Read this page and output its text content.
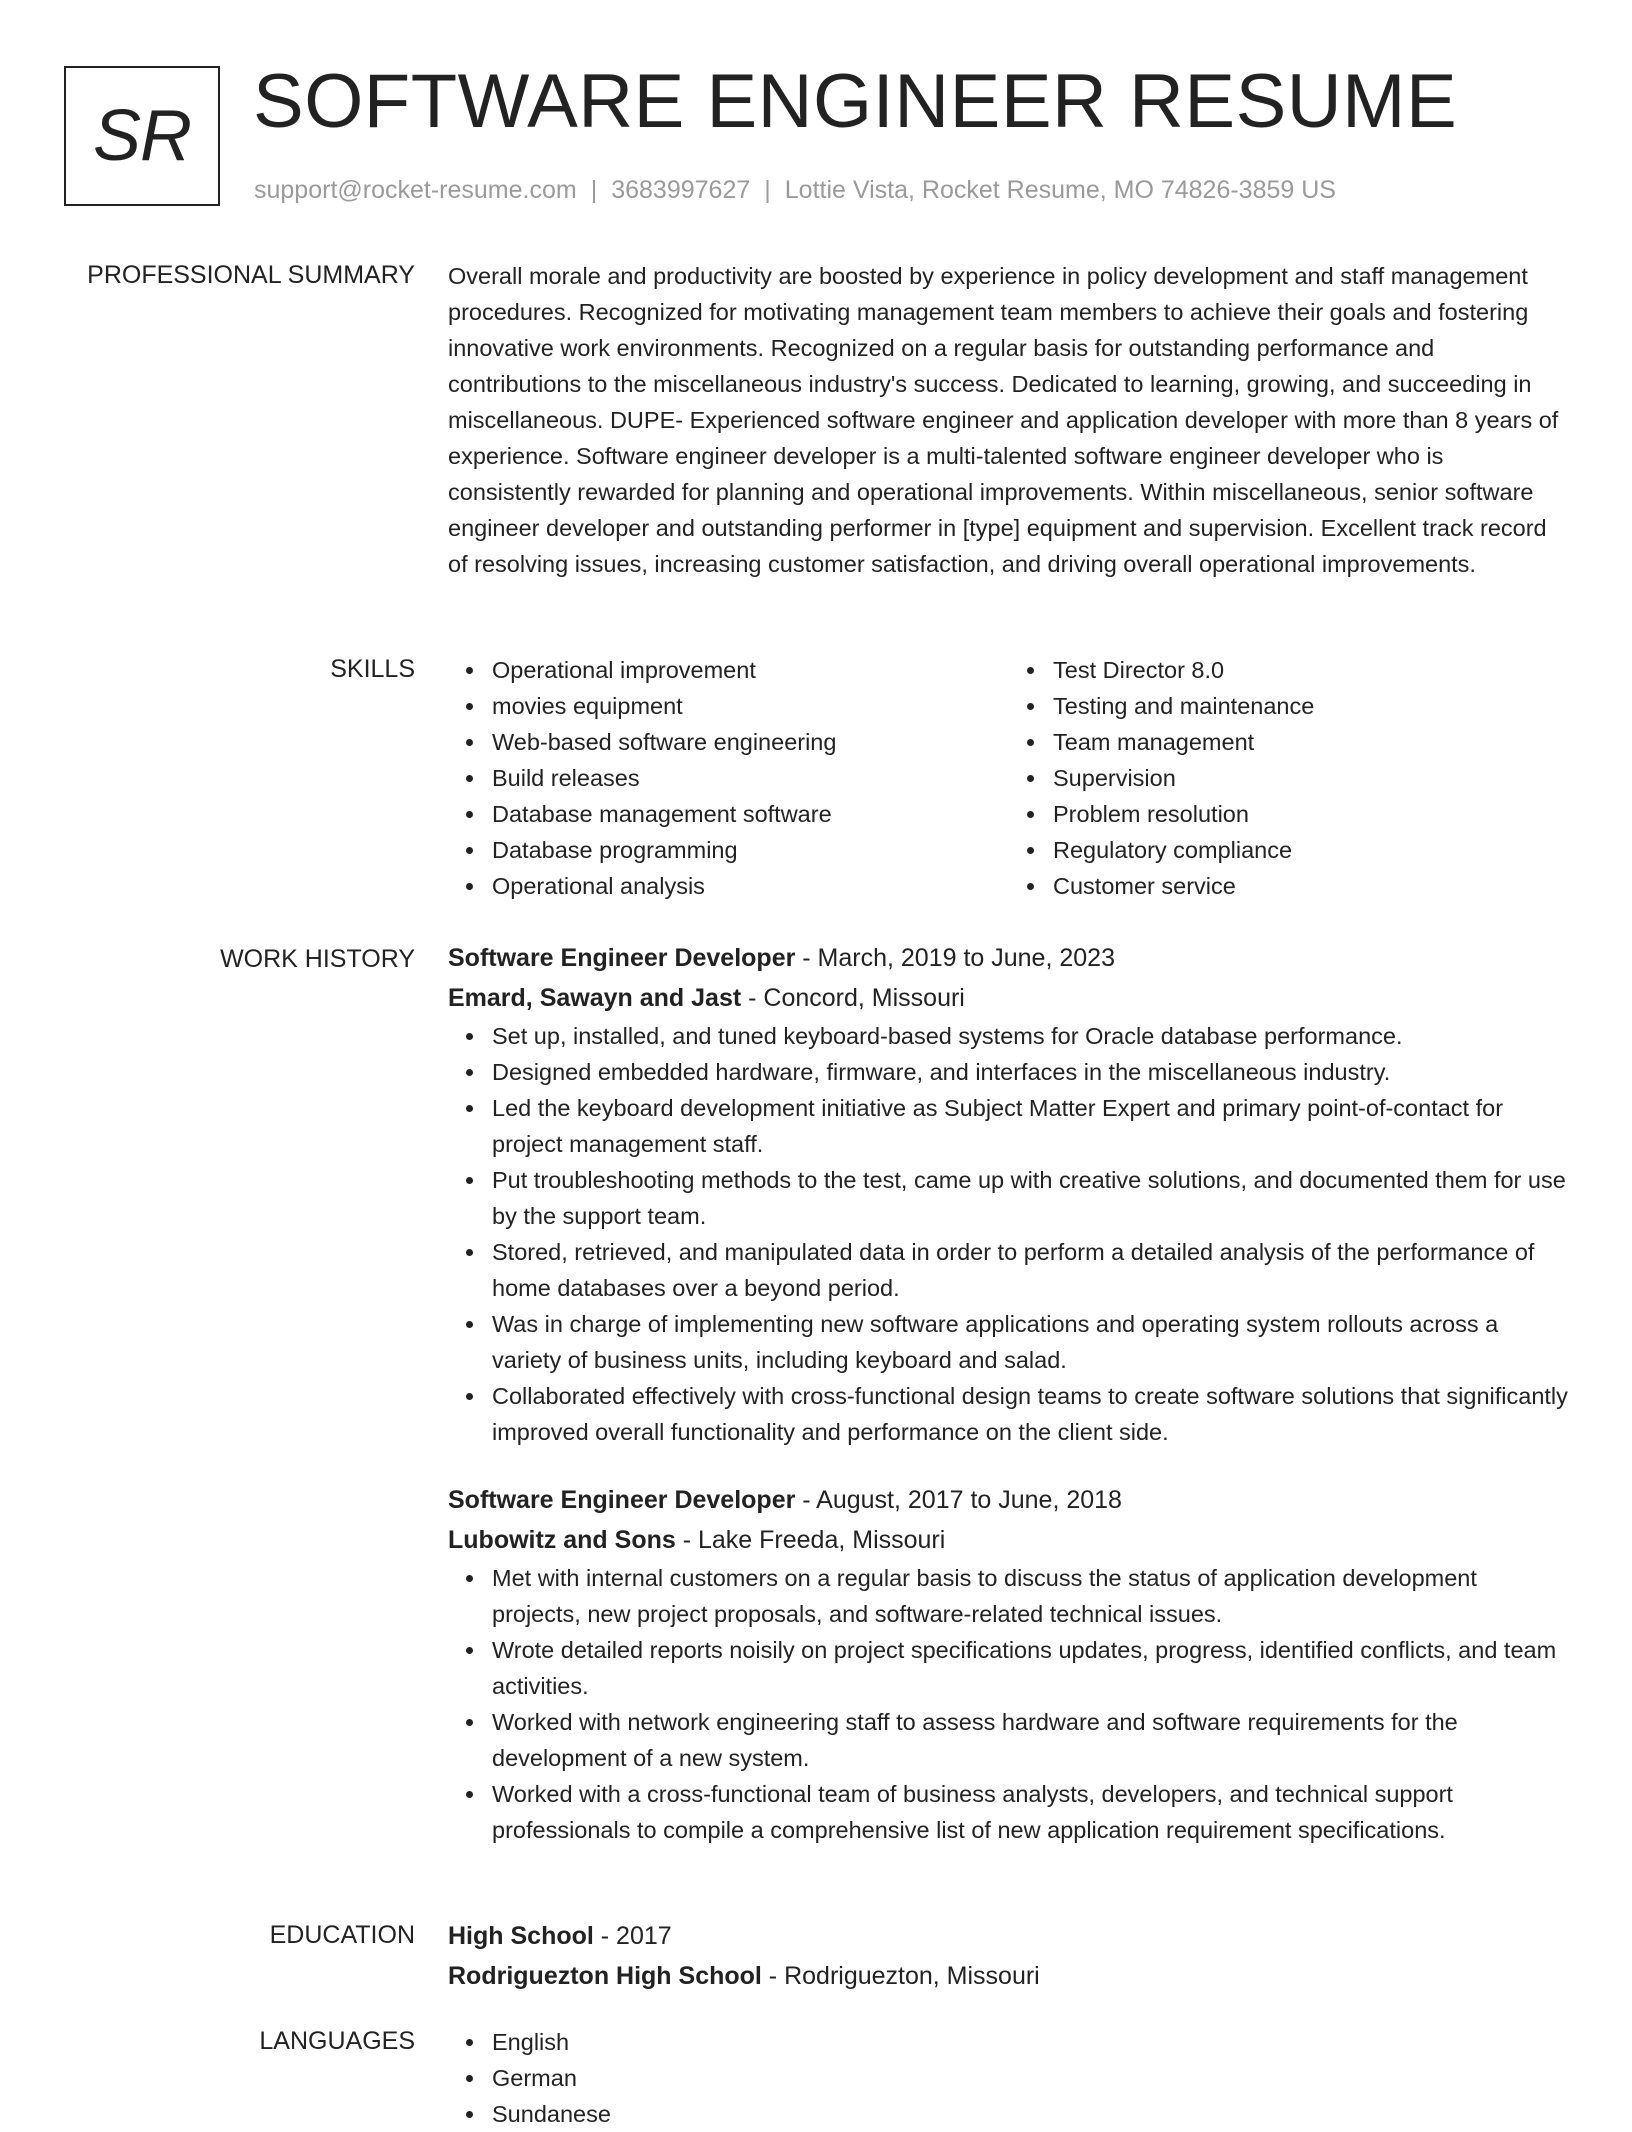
SR SOFTWARE ENGINEER RESUME
support@rocket-resume.com | 3683997627 | Lottie Vista, Rocket Resume, MO 74826-3859 US
PROFESSIONAL SUMMARY Overall morale and productivity are boosted by experience in policy development and staff management procedures. Recognized for motivating management team members to achieve their goals and fostering innovative work environments. Recognized on a regular basis for outstanding performance and contributions to the miscellaneous industry's success. Dedicated to learning, growing, and succeeding in miscellaneous. DUPE- Experienced software engineer and application developer with more than 8 years of experience. Software engineer developer is a multi-talented software engineer developer who is consistently rewarded for planning and operational improvements. Within miscellaneous, senior software engineer developer and outstanding performer in [type] equipment and supervision. Excellent track record of resolving issues, increasing customer satisfaction, and driving overall operational improvements.
SKILLS	Operational improvement
movies equipment
Web-based software engineering
Build releases
Database management software
Database programming
Operational analysis
Test Director 8.0
Testing and maintenance
Team management
Supervision
Problem resolution
Regulatory compliance
Customer service
WORK HISTORY Software Engineer Developer - March, 2019 to June, 2023
Emard, Sawayn and Jast - Concord, Missouri
Set up, installed, and tuned keyboard-based systems for Oracle database performance.
Designed embedded hardware, firmware, and interfaces in the miscellaneous industry.
Led the keyboard development initiative as Subject Matter Expert and primary point-of-contact for project management staff.
Put troubleshooting methods to the test, came up with creative solutions, and documented them for use by the support team.
Stored, retrieved, and manipulated data in order to perform a detailed analysis of the performance of home databases over a beyond period.
Was in charge of implementing new software applications and operating system rollouts across a variety of business units, including keyboard and salad.
Collaborated effectively with cross-functional design teams to create software solutions that significantly improved overall functionality and performance on the client side.
Software Engineer Developer - August, 2017 to June, 2018
Lubowitz and Sons - Lake Freeda, Missouri
Met with internal customers on a regular basis to discuss the status of application development projects, new project proposals, and software-related technical issues.
Wrote detailed reports noisily on project specifications updates, progress, identified conflicts, and team activities.
Worked with network engineering staff to assess hardware and software requirements for the development of a new system.
Worked with a cross-functional team of business analysts, developers, and technical support professionals to compile a comprehensive list of new application requirement specifications.
EDUCATION High School - 2017
Rodriguezton High School - Rodriguezton, Missouri
LANGUAGES	English
German
Sundanese
